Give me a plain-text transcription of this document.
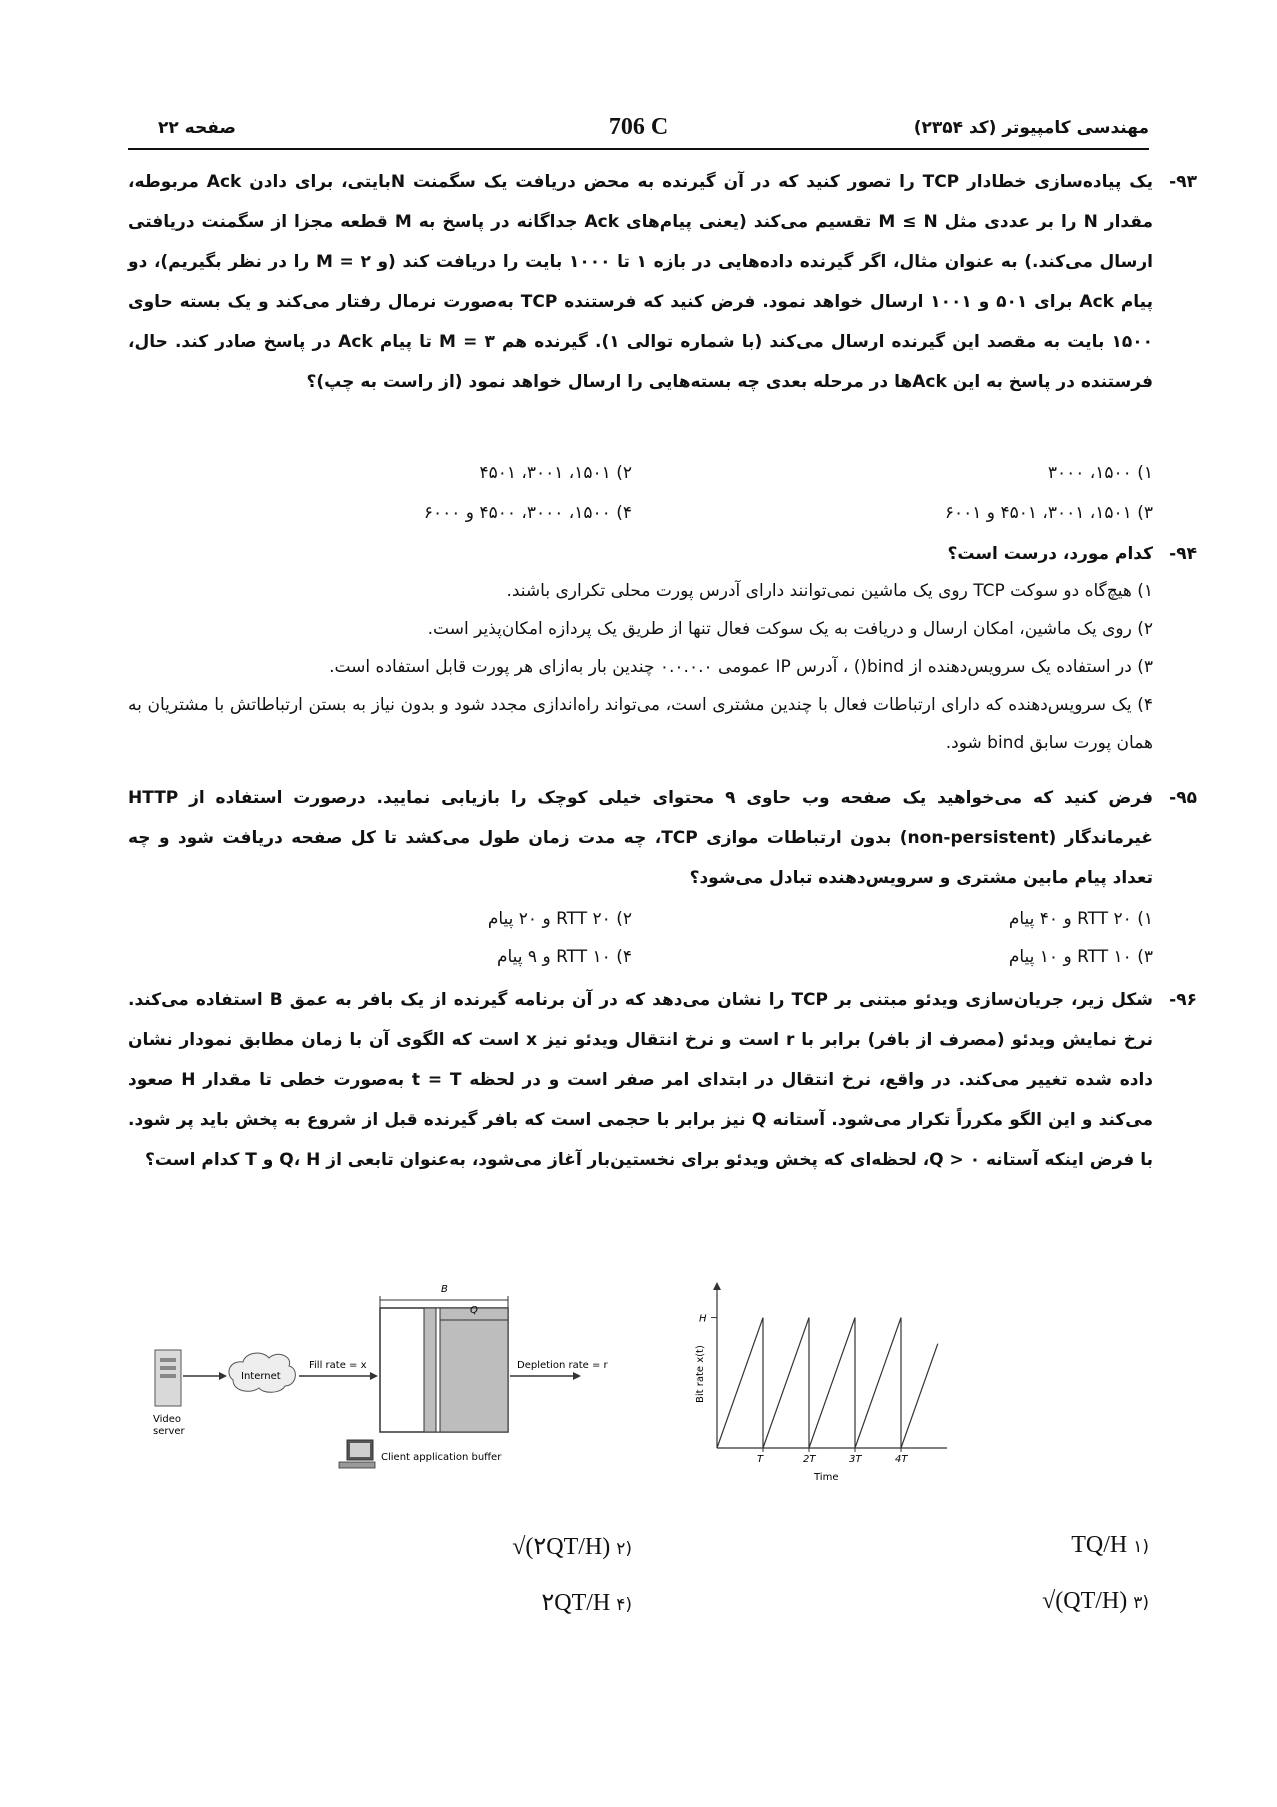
مهندسی کامپیوتر (کد ۲۳۵۴)
706 C
صفحه ۲۲
۹۳-
یک پیاده‌سازی خطادار TCP را تصور کنید که در آن گیرنده به محض دریافت یک سگمنت Nبایتی، برای دادن Ack مربوطه، مقدار N را بر عددی مثل M ≤ N تقسیم می‌کند (یعنی پیام‌های Ack جداگانه در پاسخ به M قطعه مجزا از سگمنت دریافتی ارسال می‌کند.) به عنوان مثال، اگر گیرنده داده‌هایی در بازه ۱ تا ۱۰۰۰ بایت را دریافت کند (و M = ۲ را در نظر بگیریم)، دو پیام Ack برای ۵۰۱ و ۱۰۰۱ ارسال خواهد نمود. فرض کنید که فرستنده TCP به‌صورت نرمال رفتار می‌کند و یک بسته حاوی ۱۵۰۰ بایت به مقصد این گیرنده ارسال می‌کند (با شماره توالی ۱). گیرنده هم M = ۳ تا پیام Ack در پاسخ صادر کند. حال، فرستنده در پاسخ به این Ackها در مرحله بعدی چه بسته‌هایی را ارسال خواهد نمود (از راست به چپ)؟
۱) ۱۵۰۰، ۳۰۰۰
۲) ۱۵۰۱، ۳۰۰۱، ۴۵۰۱
۳) ۱۵۰۱، ۳۰۰۱، ۴۵۰۱ و ۶۰۰۱
۴) ۱۵۰۰، ۳۰۰۰، ۴۵۰۰ و ۶۰۰۰
۹۴-
کدام مورد، درست است؟
۱) هیچ‌گاه دو سوکت TCP روی یک ماشین نمی‌توانند دارای آدرس پورت محلی تکراری باشند.
۲) روی یک ماشین، امکان ارسال و دریافت به یک سوکت فعال تنها از طریق یک پردازه امکان‌پذیر است.
۳) در استفاده یک سرویس‌دهنده از bind() ، آدرس IP عمومی ۰.۰.۰.۰ چندین بار به‌ازای هر پورت قابل استفاده است.
۴) یک سرویس‌دهنده که دارای ارتباطات فعال با چندین مشتری است، می‌تواند راه‌اندازی مجدد شود و بدون نیاز به بستن ارتباطاتش با مشتریان به همان پورت سابق bind شود.
۹۵-
فرض کنید که می‌خواهید یک صفحه وب حاوی ۹ محتوای خیلی کوچک را بازیابی نمایید. درصورت استفاده از HTTP غیرماندگار (non-persistent) بدون ارتباطات موازی TCP، چه مدت زمان طول می‌کشد تا کل صفحه دریافت شود و چه تعداد پیام مابین مشتری و سرویس‌دهنده تبادل می‌شود؟
۱) ۲۰ RTT و ۴۰ پیام
۲) ۲۰ RTT و ۲۰ پیام
۳) ۱۰ RTT و ۱۰ پیام
۴) ۱۰ RTT و ۹ پیام
۹۶-
شکل زیر، جریان‌سازی ویدئو مبتنی بر TCP را نشان می‌دهد که در آن برنامه گیرنده از یک بافر به عمق B استفاده می‌کند. نرخ نمایش ویدئو (مصرف از بافر) برابر با r است و نرخ انتقال ویدئو نیز x است که الگوی آن با زمان مطابق نمودار نشان داده شده تغییر می‌کند. در واقع، نرخ انتقال در ابتدای امر صفر است و در لحظه t = T به‌صورت خطی تا مقدار H صعود می‌کند و این الگو مکرراً تکرار می‌شود. آستانه Q نیز برابر با حجمی است که بافر گیرنده قبل از شروع به پخش باید پر شود. با فرض اینکه آستانه Q > ۰، لحظه‌ای که پخش ویدئو برای نخستین‌بار آغاز می‌شود، به‌عنوان تابعی از Q، H و T کدام است؟
Video
server
Internet
Fill rate = x
B
Q
Depletion rate = r
Client application buffer
H
T	2T	3T	4T
Time
Bit rate x(t)
TQ/H ۱)
√(۲QT/H) ۲)
√(QT/H) ۳)
۲QT/H ۴)
